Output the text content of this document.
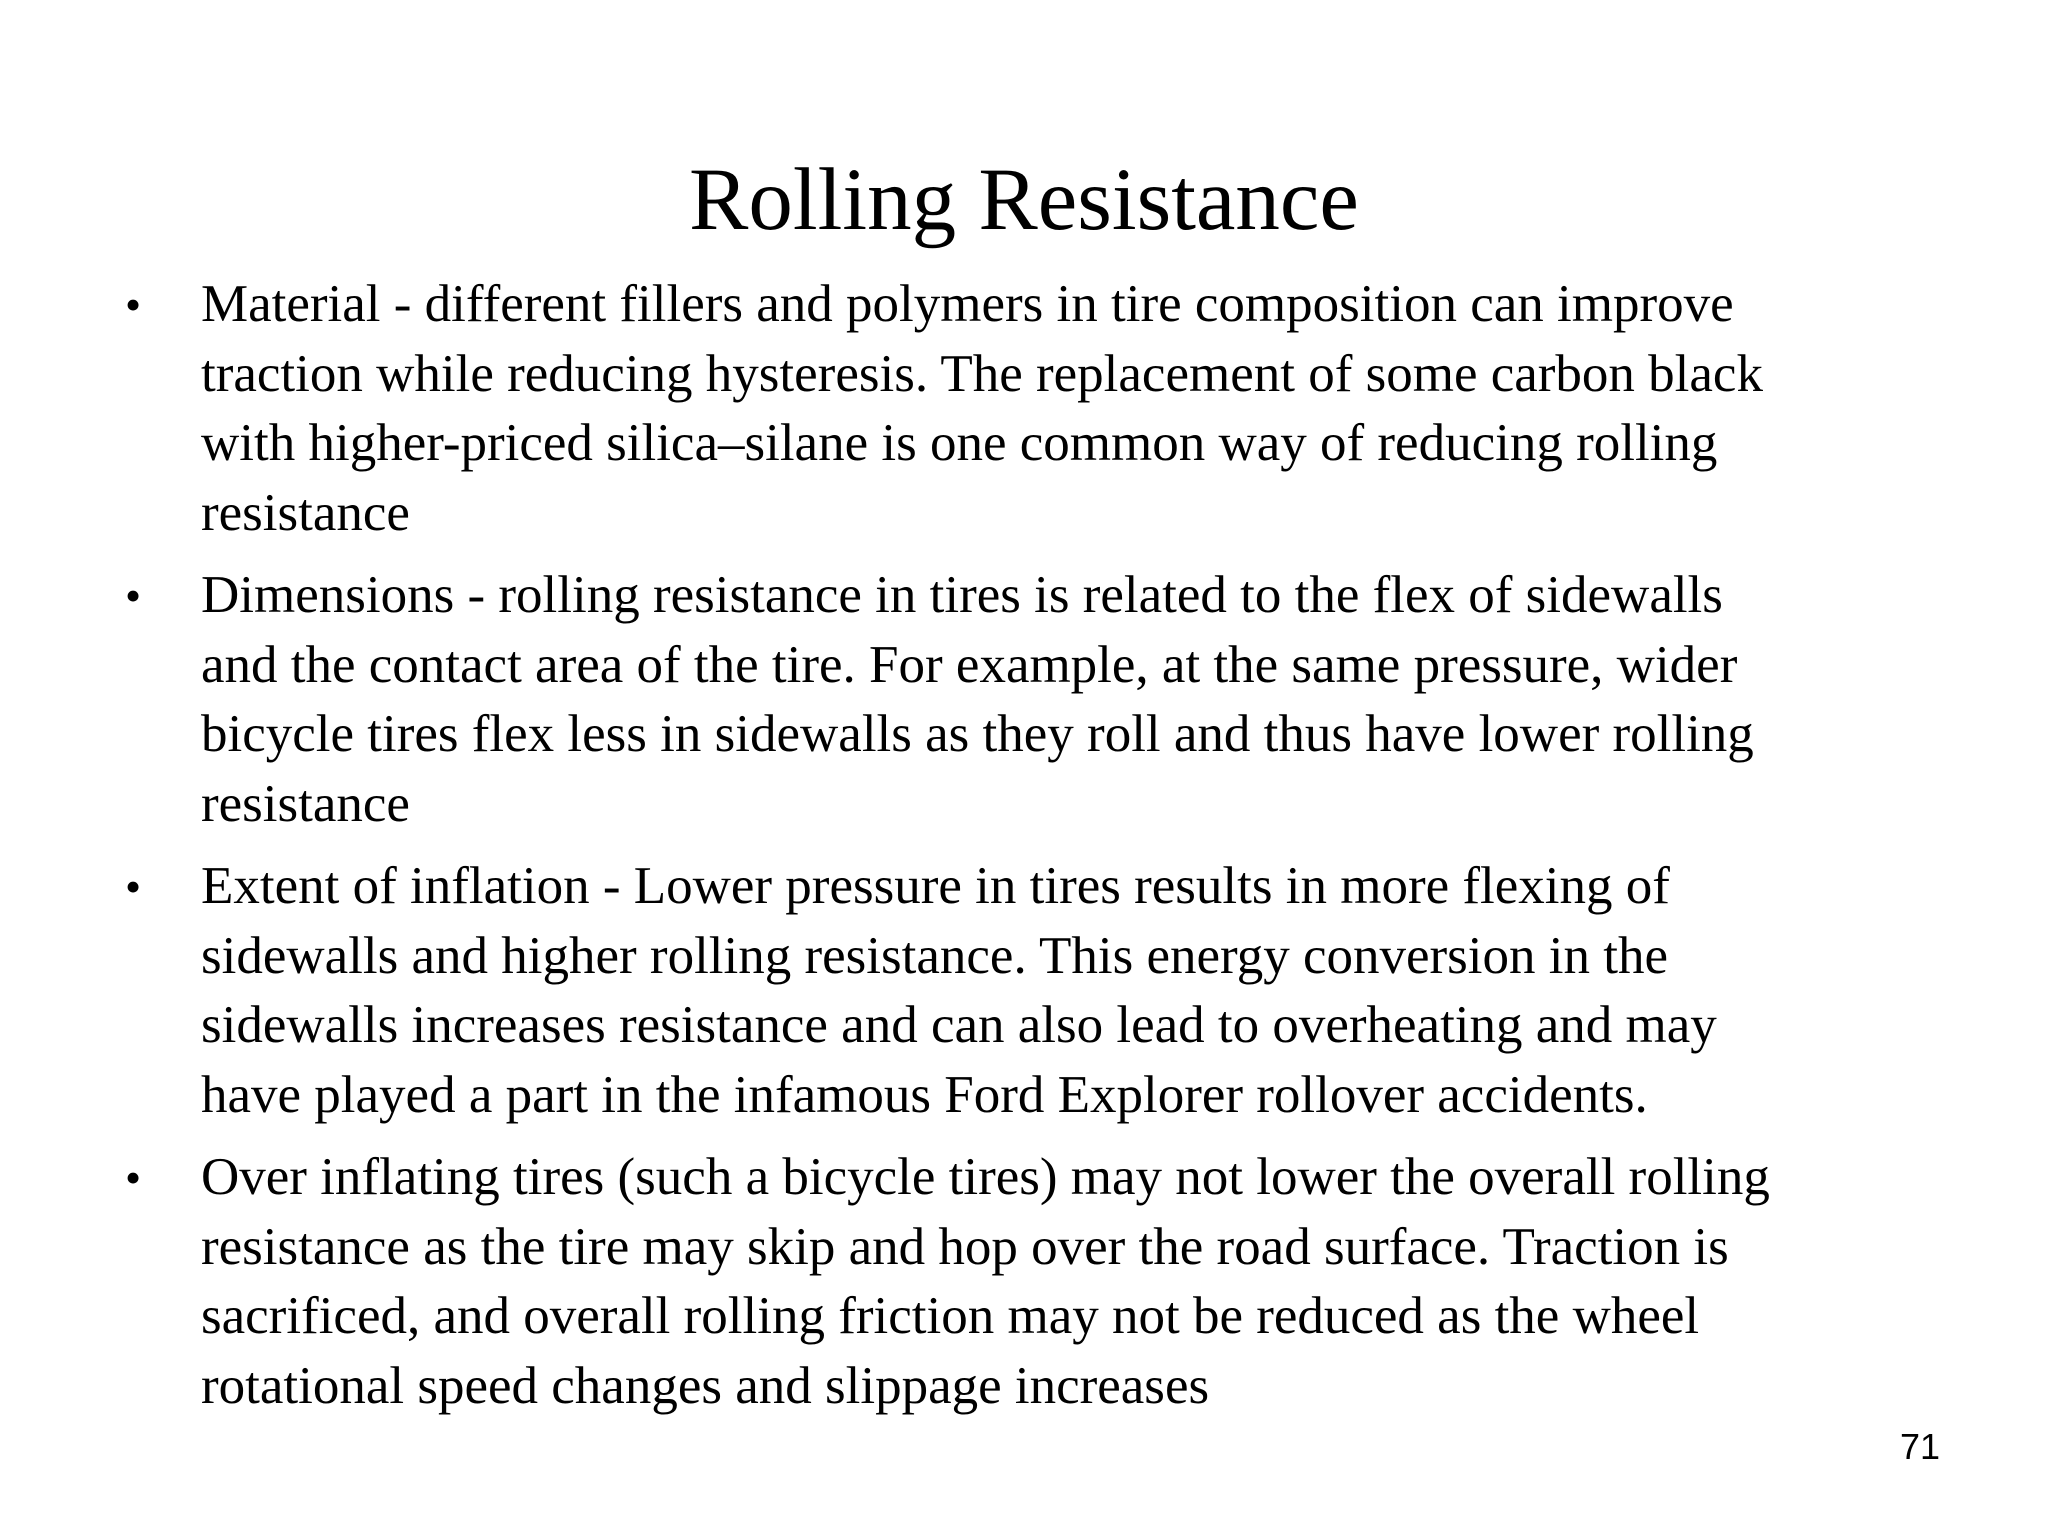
Rolling Resistance
• Material - different fillers and polymers in tire composition can improve
traction while reducing hysteresis. The replacement of some carbon black
with higher-priced silica–silane is one common way of reducing rolling
resistance
• Dimensions - rolling resistance in tires is related to the flex of sidewalls
and the contact area of the tire. For example, at the same pressure, wider
bicycle tires flex less in sidewalls as they roll and thus have lower rolling
resistance
• Extent of inflation - Lower pressure in tires results in more flexing of
sidewalls and higher rolling resistance. This energy conversion in the
sidewalls increases resistance and can also lead to overheating and may
have played a part in the infamous Ford Explorer rollover accidents.
• Over inflating tires (such a bicycle tires) may not lower the overall rolling
resistance as the tire may skip and hop over the road surface. Traction is
sacrificed, and overall rolling friction may not be reduced as the wheel
rotational speed changes and slippage increases
71
